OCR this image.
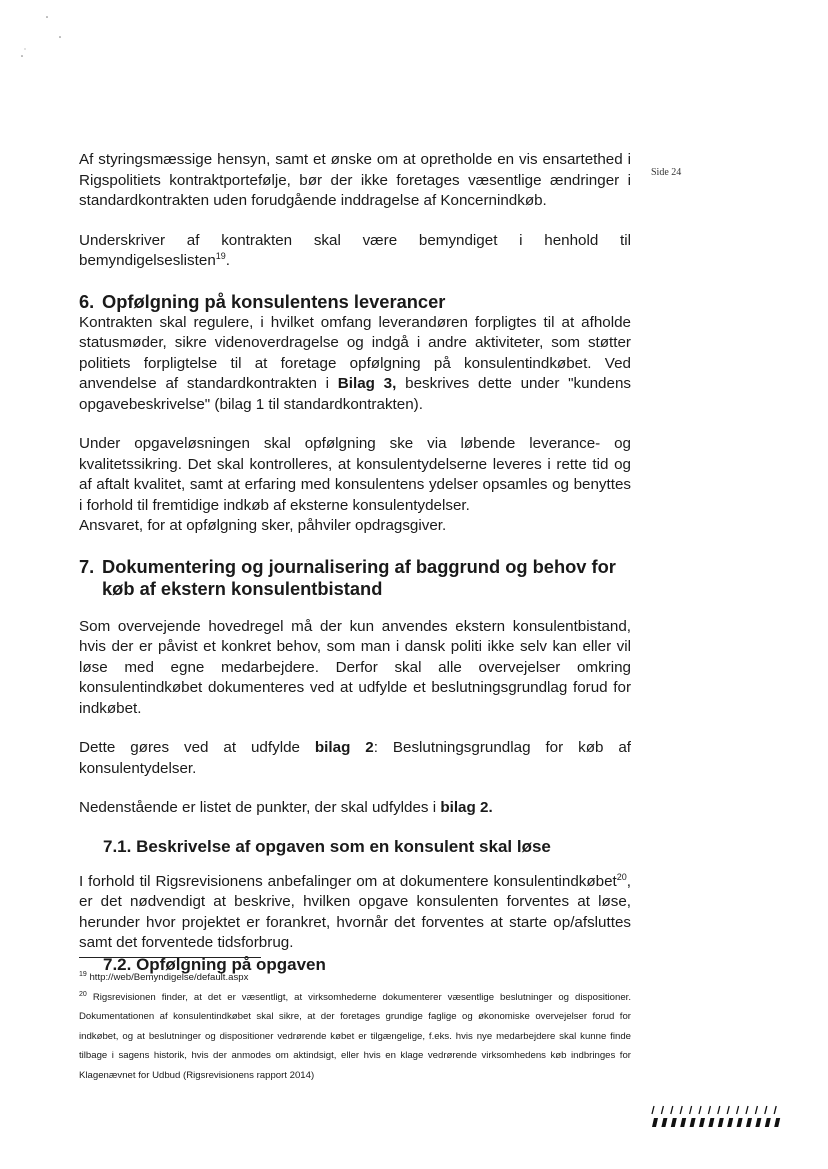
Side 24

Af styringsmæssige hensyn, samt et ønske om at opretholde en vis ensartethed i Rigspolitiets kontraktportefølje, bør der ikke foretages væsentlige ændringer i standardkontrakten uden forudgående inddragelse af Koncernindkøb.

Underskriver af kontrakten skal være bemyndiget i henhold til bemyndigelseslisten$^{19}$.

6. Opfølgning på konsulentens leverancer

Kontrakten skal regulere, i hvilket omfang leverandøren forpligtes til at afholde statusmøder, sikre videnoverdragelse og indgå i andre aktiviteter, som støtter politiets forpligtelse til at foretage opfølgning på konsulentindkøbet. Ved anvendelse af standardkontrakten i Bilag 3, beskrives dette under "kundens opgavebeskrivelse" (bilag 1 til standardkontrakten).

Under opgaveløsningen skal opfølgning ske via løbende leverance- og kvalitetssikring. Det skal kontrolleres, at konsulentydelserne leveres i rette tid og af aftalt kvalitet, samt at erfaring med konsulentens ydelser opsamles og benyttes i forhold til fremtidige indkøb af eksterne konsulentydelser.

Ansvaret, for at opfølgning sker, påhviler opdragsgiver.

7. Dokumentering og journalisering af baggrund og behov for
køb af ekstern konsulentbistand

Som overvejende hovedregel må der kun anvendes ekstern konsulentbistand, hvis der er påvist et konkret behov, som man i dansk politi ikke selv kan eller vil løse med egne medarbejdere. Derfor skal alle overvejelser omkring konsulentindkøbet dokumenteres ved at udfylde et beslutningsgrundlag forud for indkøbet.

Dette gøres ved at udfylde bilag 2: Beslutningsgrundlag for køb af konsulentydelser.

Nedenstående er listet de punkter, der skal udfyldes i bilag 2.

7.1. Beskrivelse af opgaven som en konsulent skal løse

I forhold til Rigsrevisionens anbefalinger om at dokumentere konsulentindkøbet$^{20}$, er det nødvendigt at beskrive, hvilken opgave konsulenten forventes at løse, herunder hvor projektet er forankret, hvornår det forventes at starte op/afsluttes samt det forventede tidsforbrug.

7.2. Opfølgning på opgaven

$^{19}$ http://web/Bemyndigelse/default.aspx

$^{20}$ Rigsrevisionen finder, at det er væsentligt, at virksomhederne dokumenterer væsentlige beslutninger og dispositioner. Dokumentationen af konsulentindkøbet skal sikre, at der foretages grundige faglige og økonomiske overvejelser forud for indkøbet, og at beslutninger og dispositioner vedrørende købet er tilgængelige, f.eks. hvis nye medarbejdere skal kunne finde tilbage i sagens historik, hvis der anmodes om aktindsigt, eller hvis en klage vedrørende virksomhedens køb indbringes for Klagenævnet for Udbud (Rigsrevisionens rapport 2014)
